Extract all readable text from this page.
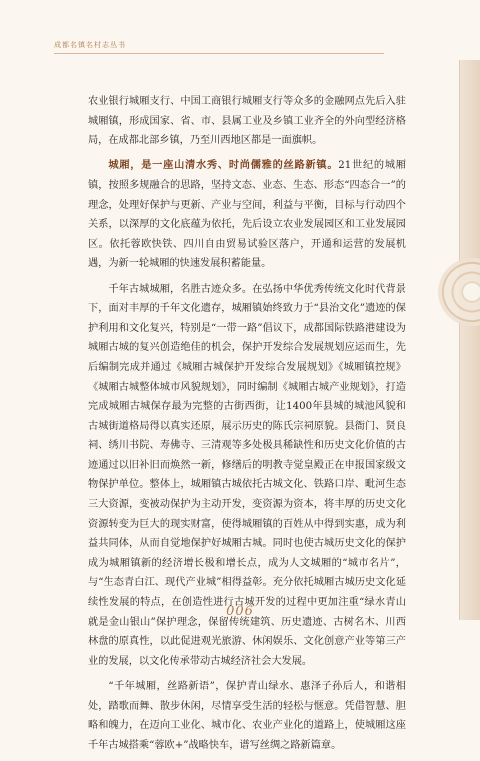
成都名镇名村志丛书

农业银行城厢支行、中国工商银行城厢支行等众多的金融网点先后入驻城厢镇，形成国家、省、市、县属工业及乡镇工业齐全的外向型经济格局，在成都北部乡镇，乃至川西地区都是一面旗帜。

城厢，是一座山清水秀、时尚儒雅的丝路新镇。21世纪的城厢镇，按照多规融合的思路，坚持文态、业态、生态、形态“四态合一”的理念，处理好保护与更新、产业与空间，利益与平衡，目标与行动四个关系，以深厚的文化底蕴为依托，先后设立农业发展园区和工业发展园区。依托蓉欧快铁、四川自由贸易试验区落户，开通和运营的发展机遇，为新一轮城厢的快速发展积蓄能量。

千年古城城厢，名胜古迹众多。在弘扬中华优秀传统文化时代背景下，面对丰厚的千年文化遗存，城厢镇始终致力于“县治文化”遗迹的保护利用和文化复兴，特别是“一带一路”倡议下，成都国际铁路港建设为城厢古城的复兴创造绝佳的机会，保护开发综合发展规划应运而生，先后编制完成并通过《城厢古城保护开发综合发展规划》《城厢镇控规》《城厢古城整体城市风貌规划》，同时编制《城厢古城产业规划》，打造完成城厢古城保存最为完整的古街西街，让1400年县城的城池风貌和古城街道格局得以真实还原，展示历史的陈氏宗祠原貌。县衙门、贤良祠、绣川书院、寿佛寺、三清观等多处极具稀缺性和历史文化价值的古迹通过以旧补旧而焕然一新，修缮后的明教寺觉皇殿正在申报国家级文物保护单位。整体上，城厢镇古城依托古城文化、铁路口岸、毗河生态三大资源，变被动保护为主动开发，变资源为资本，将丰厚的历史文化资源转变为巨大的现实财富，使得城厢镇的百姓从中得到实惠，成为利益共同体，从而自觉地保护好城厢古城。同时也使古城历史文化的保护成为城厢镇新的经济增长极和增长点，成为人文城厢的“城市名片”，与“生态青白江、现代产业城”相得益彰。充分依托城厢古城历史文化延续性发展的特点，在创造性进行古城开发的过程中更加注重“绿水青山就是金山银山”保护理念，保留传统建筑、历史遗迹、古树名木、川西林盘的原真性，以此促进观光旅游、休闲娱乐、文化创意产业等第三产业的发展，以文化传承带动古城经济社会大发展。

“千年城厢，丝路新语”，保护青山绿水、惠泽子孙后人，和谐相处，踏歌而舞、散步休闲，尽情享受生活的轻松与惬意。凭借智慧、胆略和魄力，在迈向工业化、城市化、农业产业化的道路上，使城厢这座千年古城搭乘“蓉欧+”战略快车，谱写丝绸之路新篇章。

006
